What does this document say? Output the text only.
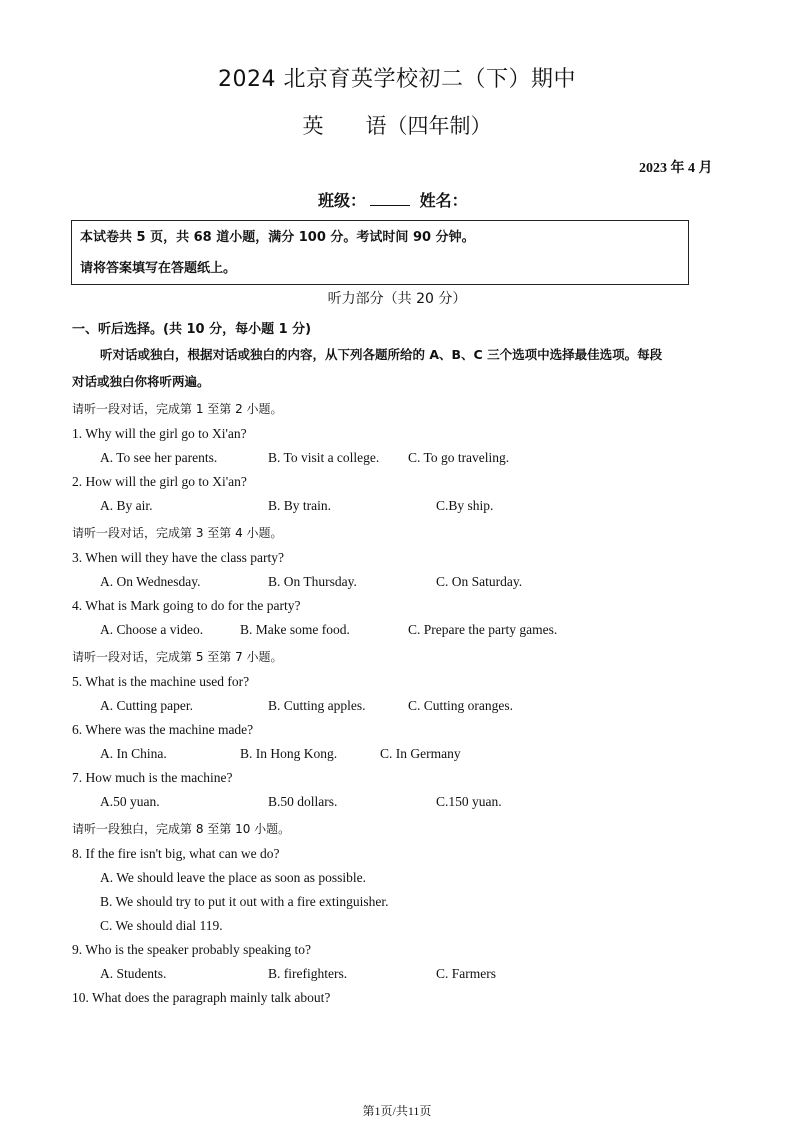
2024 北京育英学校初二（下）期中
英　　语（四年制）
2023 年 4 月
班级：	姓名：
本试卷共 5 页，共 68 道小题，满分 100 分。考试时间 90 分钟。
请将答案填写在答题纸上。
听力部分（共 20 分）
一、听后选择。(共 10 分，每小题 1 分)
听对话或独白，根据对话或独白的内容，从下列各题所给的 A、B、C 三个选项中选择最佳选项。每段
对话或独白你将听两遍。
请听一段对话，完成第 1 至第 2 小题。
1. Why will the girl go to Xi'an?
A. To see her parents.	B. To visit a college. C. To go traveling.
2. How will the girl go to Xi'an?
A. By air.	B. By train.	C.By ship.
请听一段对话，完成第 3 至第 4 小题。
3. When will they have the class party?
A. On Wednesday.	B. On Thursday.	C. On Saturday.
4. What is Mark going to do for the party?
A. Choose a video.	B. Make some food.	C. Prepare the party games.
请听一段对话，完成第 5 至第 7 小题。
5. What is the machine used for?
A. Cutting paper.	B. Cutting apples.	C. Cutting oranges.
6. Where was the machine made?
A. In China.	B. In Hong Kong.	C. In Germany
7. How much is the machine?
A.50 yuan.	B.50 dollars.	C.150 yuan.
请听一段独白，完成第 8 至第 10 小题。
8. If the fire isn't big, what can we do?
A. We should leave the place as soon as possible.
B. We should try to put it out with a fire extinguisher.
C. We should dial 119.
9. Who is the speaker probably speaking to?
A. Students.	B. firefighters.	C. Farmers
10. What does the paragraph mainly talk about?
第1页/共11页
